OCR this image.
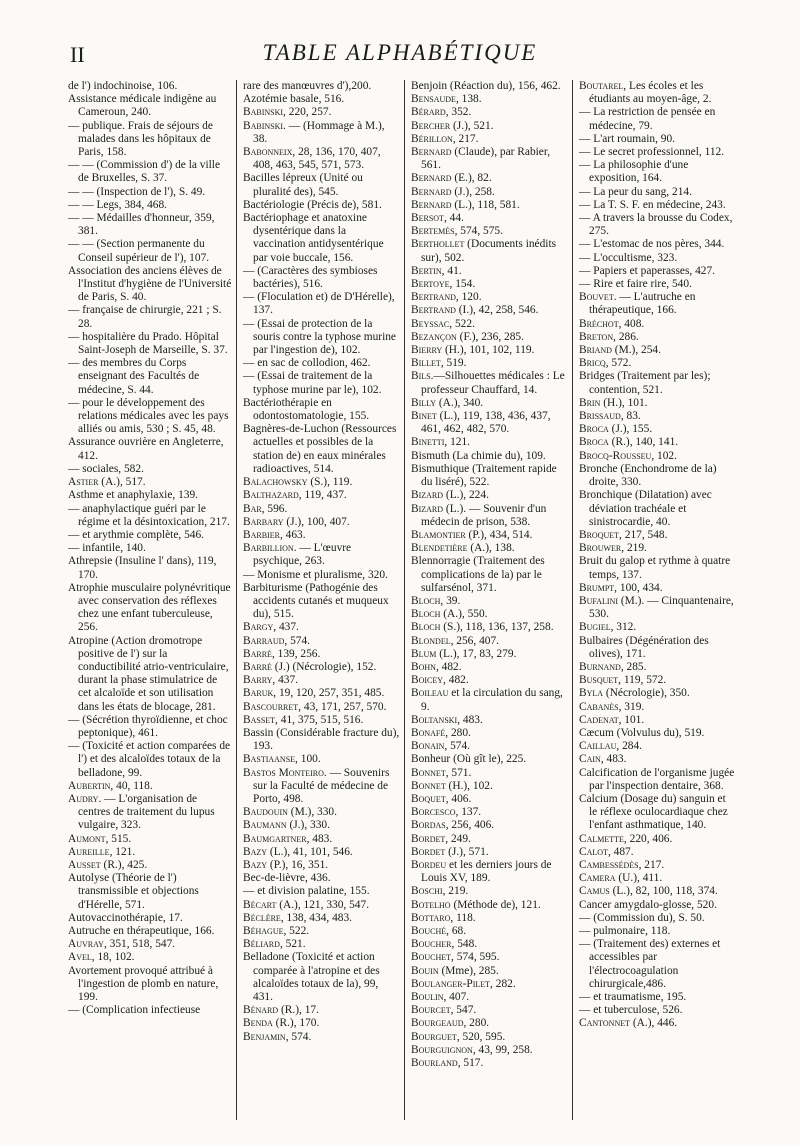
II	TABLE ALPHABÉTIQUE

de l') indochinoise, 106.

Assistance médicale indigène au Cameroun, 240.

— publique. Frais de séjours de malades dans les hôpitaux de Paris, 158.

— — (Commission d') de la ville de Bruxelles, S. 37.

— — (Inspection de l'), S. 49.

— — Legs, 384, 468.

— — Médailles d'honneur, 359, 381.

— — (Section permanente du Conseil supérieur de l'), 107.

Association des anciens élèves de l'Institut d'hygiène de l'Université de Paris, S. 40.

— française de chirurgie, 221 ; S. 28.

— hospitalière du Prado. Hôpital Saint-Joseph de Marseille, S. 37.

— des membres du Corps enseignant des Facultés de médecine, S. 44.

— pour le développement des relations médicales avec les pays alliés ou amis, 530 ; S. 45, 48.

Assurance ouvrière en Angleterre, 412.

— sociales, 582.

Astier (A.), 517.

Asthme et anaphylaxie, 139.

— anaphylactique guéri par le régime et la désintoxication, 217.

— et arythmie complète, 546.

— infantile, 140.

Athrepsie (Insuline l' dans), 119, 170.

Atrophie musculaire polynévritique avec conservation des réflexes chez une enfant tuberculeuse, 256.

Atropine (Action dromotrope positive de l') sur la conductibilité atrio-ventriculaire, durant la phase stimulatrice de cet alcaloïde et son utilisation dans les états de blocage, 281.

— (Sécrétion thyroïdienne, et choc peptonique), 461.

— (Toxicité et action comparées de l') et des alcaloïdes totaux de la belladone, 99.

Aubertin, 40, 118.

Audry. — L'organisation de centres de traitement du lupus vulgaire, 323.

Aumont, 515.

Aureille, 121.

Ausset (R.), 425.

Autolyse (Théorie de l') transmissible et objections d'Hérelle, 571.

Autovaccinothérapie, 17.

Autruche en thérapeutique, 166.

Auvray, 351, 518, 547.

Avel, 18, 102.

Avortement provoqué attribué à l'ingestion de plomb en nature, 199.

— (Complication infectieuse

rare des manœuvres d'),200.

Azotémie basale, 516.

Babinski, 220, 257.

Babinski. — (Hommage à M.), 38.

Babonneix, 28, 136, 170, 407, 408, 463, 545, 571, 573.

Bacilles lépreux (Unité ou pluralité des), 545.

Bactériologie (Précis de), 581.

Bactériophage et anatoxine dysentérique dans la vaccination antidysentérique par voie buccale, 156.

— (Caractères des symbioses bactéries), 516.

— (Floculation et) de D'Hérelle), 137.

— (Essai de protection de la souris contre la typhose murine par l'ingestion de), 102.

— en sac de collodion, 462.

— (Essai de traitement de la typhose murine par le), 102.

Bactériothérapie en odontostomatologie, 155.

Bagnères-de-Luchon (Ressources actuelles et possibles de la station de) en eaux minérales radioactives, 514.

Balachowsky (S.), 119.

Balthazard, 119, 437.

Bar, 596.

Barbary (J.), 100, 407.

Barbier, 463.

Barbillion. — L'œuvre psychique, 263.

— Monisme et pluralisme, 320.

Barbiturisme (Pathogénie des accidents cutanés et muqueux du), 515.

Bargy, 437.

Barraud, 574.

Barré, 139, 256.

Barré (J.) (Nécrologie), 152.

Barry, 437.

Baruk, 19, 120, 257, 351, 485.

Bascourret, 43, 171, 257, 570.

Basset, 41, 375, 515, 516.

Bassin (Considérable fracture du), 193.

Bastiaanse, 100.

Bastos Monteiro. — Souvenirs sur la Faculté de médecine de Porto, 498.

Baudouin (M.), 330.

Baumann (J.), 330.

Baumgartner, 483.

Bazy (L.), 41, 101, 546.

Bazy (P.), 16, 351.

Bec-de-lièvre, 436.

— et division palatine, 155.

Bécart (A.), 121, 330, 547.

Béclère, 138, 434, 483.

Béhague, 522.

Béliard, 521.

Belladone (Toxicité et action comparée à l'atropine et des alcaloïdes totaux de la), 99, 431.

Bénard (R.), 17.

Benda (R.), 170.

Benjamin, 574.

Benjoin (Réaction du), 156, 462.

Bensaude, 138.

Bérard, 352.

Bercher (J.), 521.

Bérillon, 217.

Bernard (Claude), par Rabier, 561.

Bernard (E.), 82.

Bernard (J.), 258.

Bernard (L.), 118, 581.

Bersot, 44.

Bertemès, 574, 575.

Berthollet (Documents inédits sur), 502.

Bertin, 41.

Bertoye, 154.

Bertrand, 120.

Bertrand (I.), 42, 258, 546.

Beyssac, 522.

Bezançon (F.), 236, 285.

Bierry (H.), 101, 102, 119.

Billet, 519.

Bils.—Silhouettes médicales : Le professeur Chauffard, 14.

Billy (A.), 340.

Binet (L.), 119, 138, 436, 437, 461, 462, 482, 570.

Binetti, 121.

Bismuth (La chimie du), 109.

Bismuthique (Traitement rapide du liséré), 522.

Bizard (L.), 224.

Bizard (L.). — Souvenir d'un médecin de prison, 538.

Blamontier (P.), 434, 514.

Blendetière (A.), 138.

Blennorragie (Traitement des complications de la) par le sulfarsénol, 371.

Bloch, 39.

Bloch (A.), 550.

Bloch (S.), 118, 136, 137, 258.

Blondel, 256, 407.

Blum (L.), 17, 83, 279.

Bohn, 482.

Boicey, 482.

Boileau et la circulation du sang, 9.

Boltanski, 483.

Bonafé, 280.

Bonain, 574.

Bonheur (Où gît le), 225.

Bonnet, 571.

Bonnet (H.), 102.

Boquet, 406.

Borcesco, 137.

Bordas, 256, 406.

Bordet, 249.

Bordet (J.), 571.

Bordeu et les derniers jours de Louis XV, 189.

Boschi, 219.

Botelho (Méthode de), 121.

Bottaro, 118.

Bouché, 68.

Boucher, 548.

Bouchet, 574, 595.

Bouin (Mme), 285.

Boulanger-Pilet, 282.

Boulin, 407.

Bourcet, 547.

Bourgeaud, 280.

Bourguet, 520, 595.

Bourguignon, 43, 99, 258.

Bourland, 517.

Boutarel, Les écoles et les étudiants au moyen-âge, 2.

— La restriction de pensée en médecine, 79.

— L'art roumain, 90.

— Le secret professionnel, 112.

— La philosophie d'une exposition, 164.

— La peur du sang, 214.

— La T. S. F. en médecine, 243.

— A travers la brousse du Codex, 275.

— L'estomac de nos pères, 344.

— L'occultisme, 323.

— Papiers et paperasses, 427.

— Rire et faire rire, 540.

Bouvet. — L'autruche en thérapeutique, 166.

Bréchot, 408.

Breton, 286.

Briand (M.), 254.

Bricq, 572.

Bridges (Traitement par les); contention, 521.

Brin (H.), 101.

Brissaud, 83.

Broca (J.), 155.

Broca (R.), 140, 141.

Brocq-Rousseu, 102.

Bronche (Enchondrome de la) droite, 330.

Bronchique (Dilatation) avec déviation trachéale et sinistrocardie, 40.

Broquet, 217, 548.

Brouwer, 219.

Bruit du galop et rythme à quatre temps, 137.

Brumpt, 100, 434.

Bufalini (M.). — Cinquantenaire, 530.

Bugiel, 312.

Bulbaires (Dégénération des olives), 171.

Burnand, 285.

Busquet, 119, 572.

Byla (Nécrologie), 350.

Cabanès, 319.

Cadenat, 101.

Cæcum (Volvulus du), 519.

Caillau, 284.

Cain, 483.

Calcification de l'organisme jugée par l'inspection dentaire, 368.

Calcium (Dosage du) sanguin et le réflexe oculocardiaque chez l'enfant asthmatique, 140.

Calmette, 220, 406.

Calot, 487.

Cambessédès, 217.

Camera (U.), 411.

Camus (L.), 82, 100, 118, 374.

Cancer amygdalo-glosse, 520.

— (Commission du), S. 50.

— pulmonaire, 118.

— (Traitement des) externes et accessibles par l'électrocoagulation chirurgicale,486.

— et traumatisme, 195.

— et tuberculose, 526.

Cantonnet (A.), 446.
